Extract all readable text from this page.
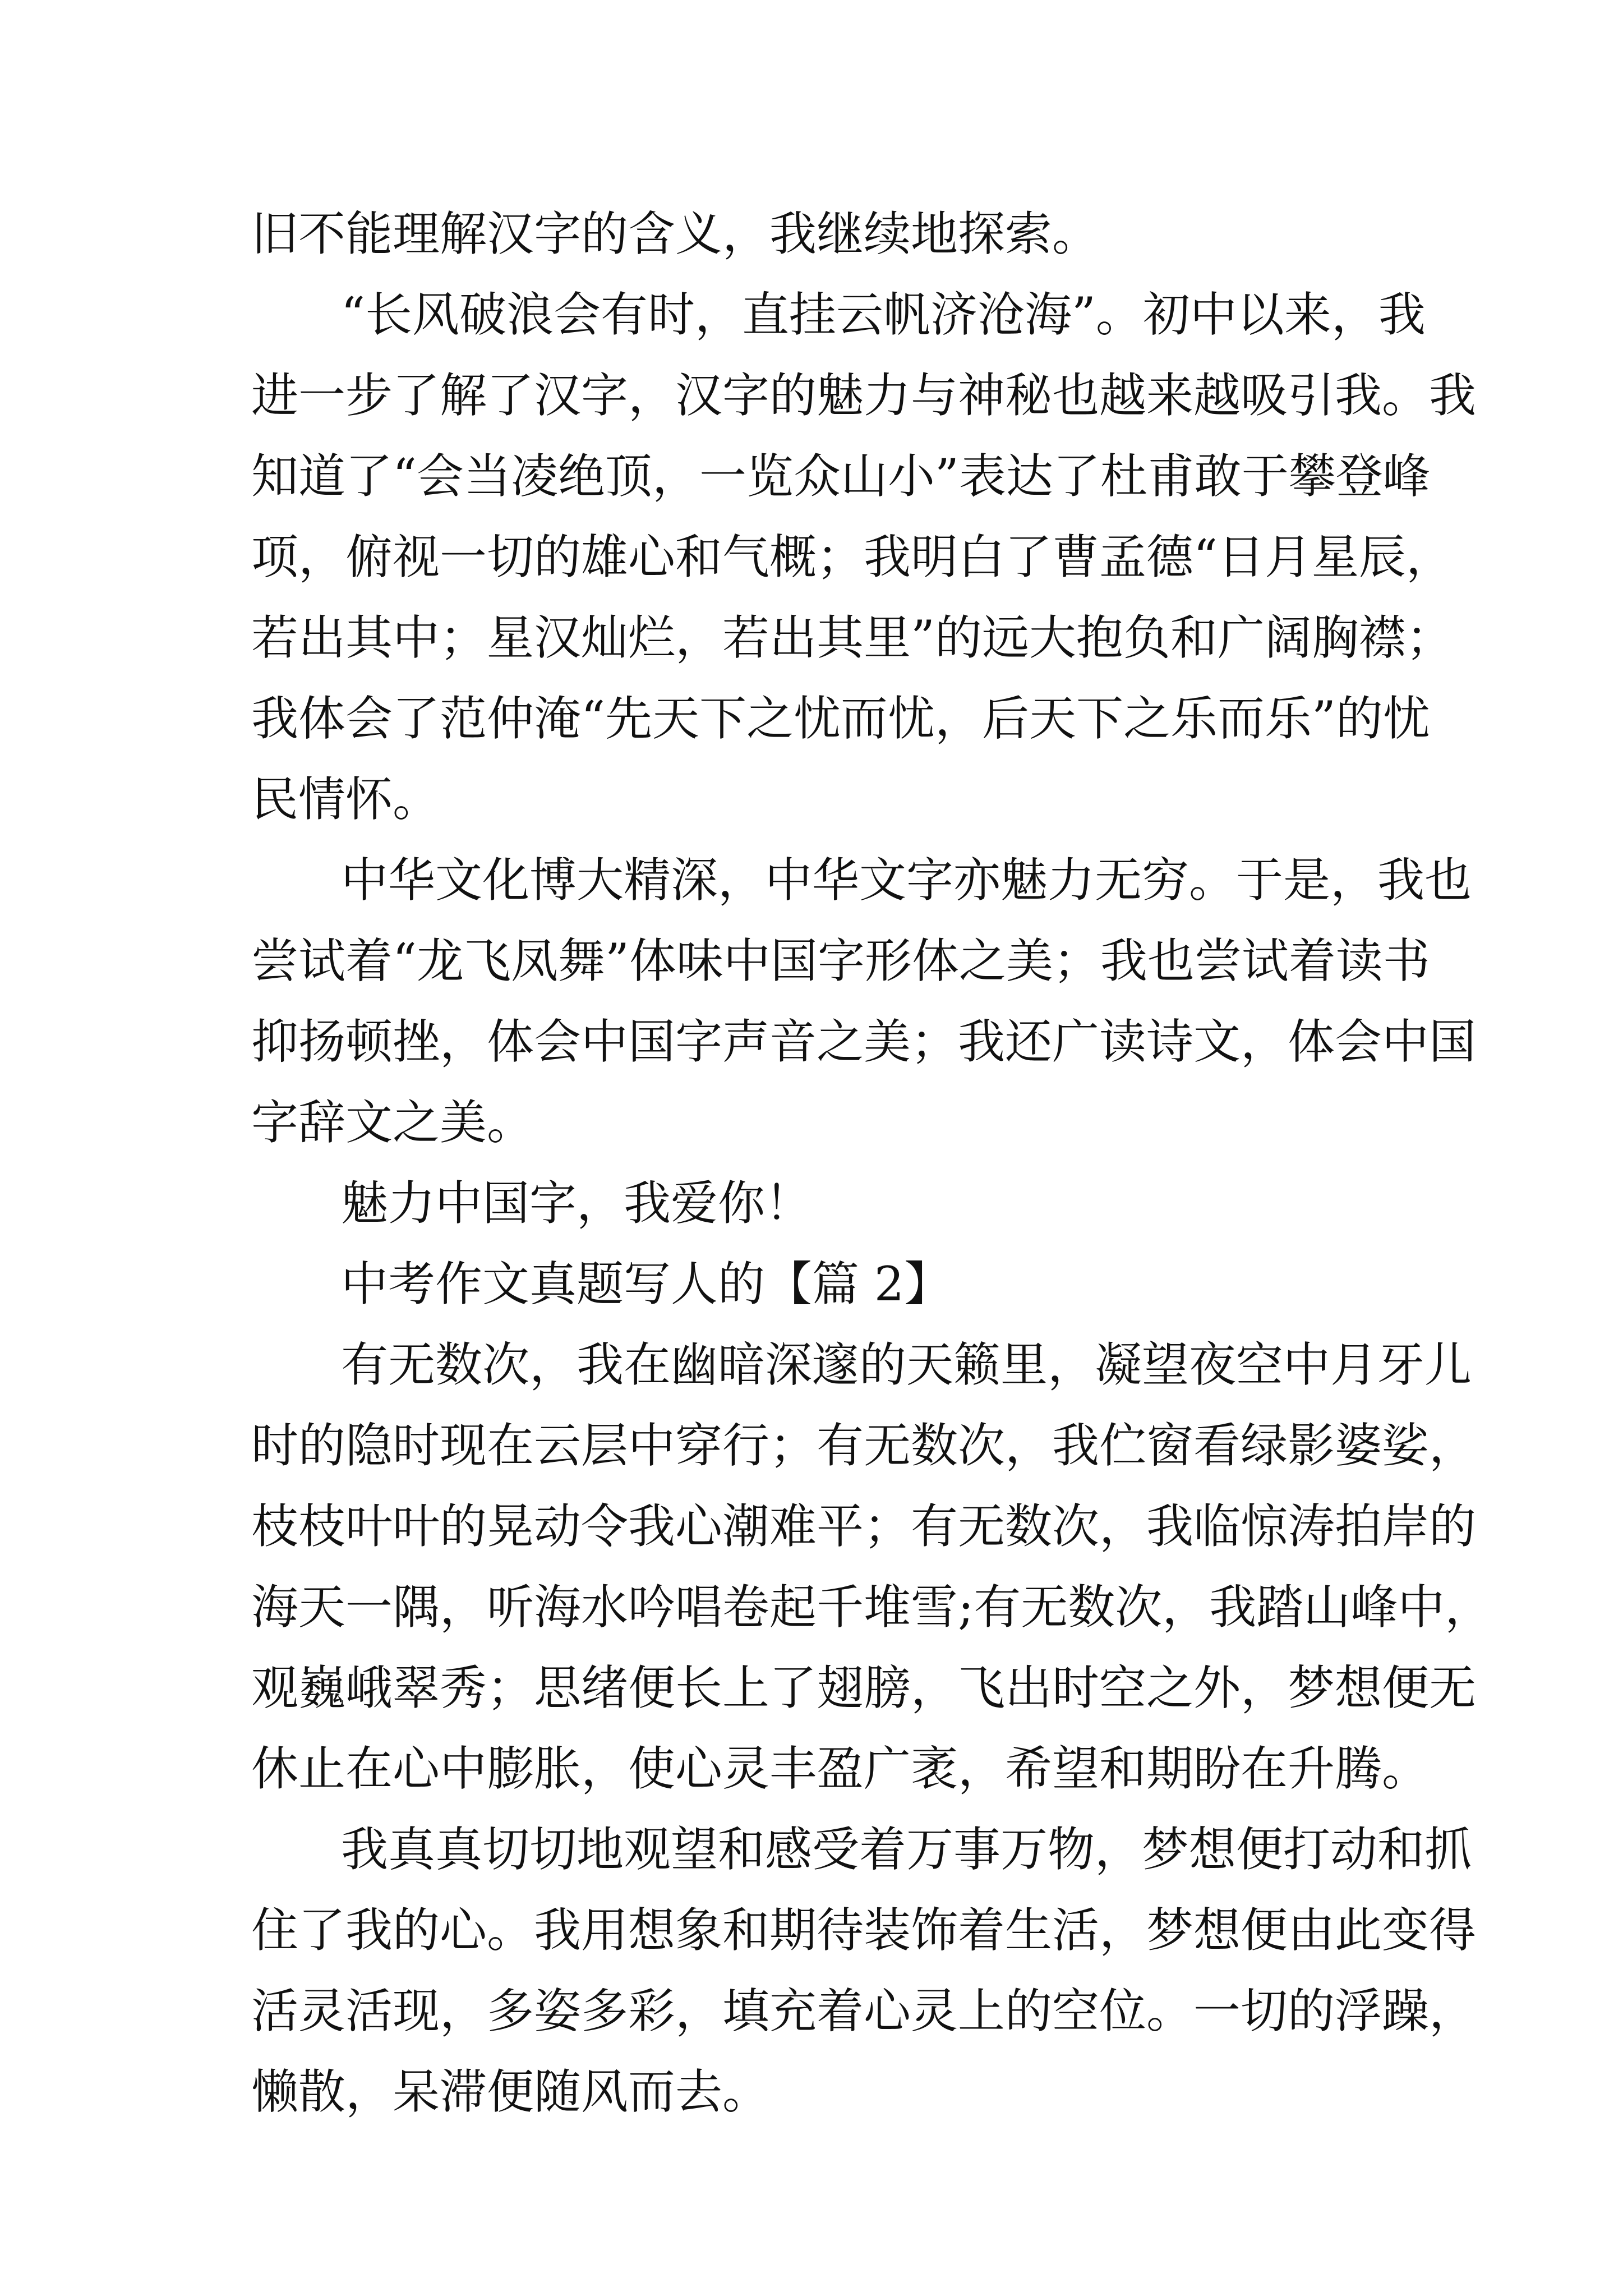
旧不能理解汉字的含义，我继续地探索。
“长风破浪会有时，直挂云帆济沧海”。初中以来，我
进一步了解了汉字，汉字的魅力与神秘也越来越吸引我。我
知道了“会当凌绝顶，一览众山小”表达了杜甫敢于攀登峰
项，俯视一切的雄心和气概；我明白了曹孟德“日月星辰，
若出其中；星汉灿烂，若出其里”的远大抱负和广阔胸襟；
我体会了范仲淹“先天下之忧而忧，后天下之乐而乐”的忧
民情怀。
中华文化博大精深，中华文字亦魅力无穷。于是，我也
尝试着“龙飞凤舞”体味中国字形体之美；我也尝试着读书
抑扬顿挫，体会中国字声音之美；我还广读诗文，体会中国
字辞文之美。
魅力中国字，我爱你！
中考作文真题写人的【篇 2】
有无数次，我在幽暗深邃的天籁里，凝望夜空中月牙儿
时的隐时现在云层中穿行；有无数次，我伫窗看绿影婆娑，
枝枝叶叶的晃动令我心潮难平；有无数次，我临惊涛拍岸的
海天一隅，听海水吟唱卷起千堆雪;有无数次，我踏山峰中，
观巍峨翠秀；思绪便长上了翅膀，飞出时空之外，梦想便无
休止在心中膨胀，使心灵丰盈广袤，希望和期盼在升腾。
我真真切切地观望和感受着万事万物，梦想便打动和抓
住了我的心。我用想象和期待装饰着生活，梦想便由此变得
活灵活现，多姿多彩，填充着心灵上的空位。一切的浮躁，
懒散，呆滞便随风而去。
